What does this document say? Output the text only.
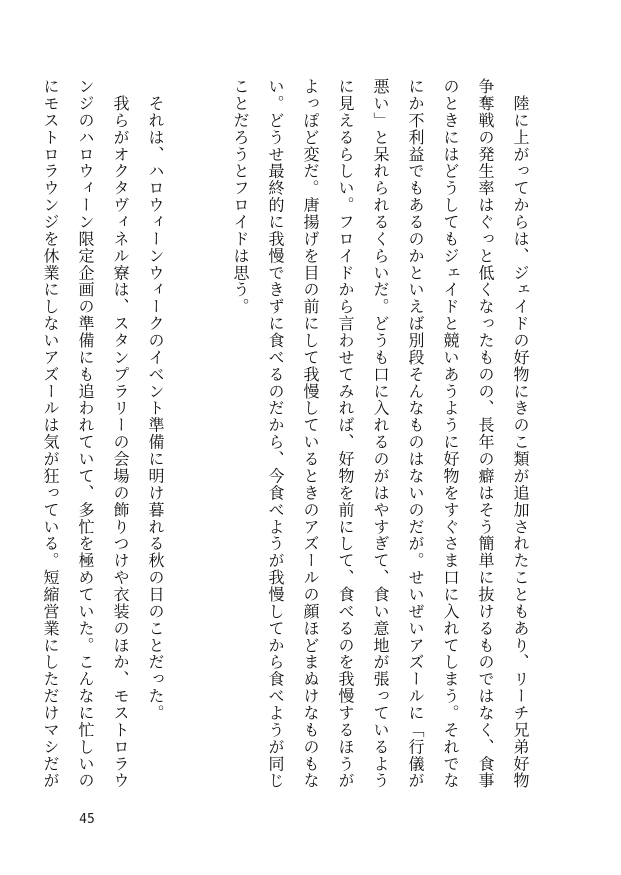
　陸に上がってからは、ジェイドの好物にきのこ類が追加されたこともあり、リーチ兄弟好物
争奪戦の発生率はぐっと低くなったものの、長年の癖はそう簡単に抜けるものではなく、食事
のときにはどうしてもジェイドと競いあうように好物をすぐさま口に入れてしまう。それでな
にか不利益でもあるのかといえば別段そんなものはないのだが。せいぜいアズールに「行儀が
悪い」と呆れられるくらいだ。どうも口に入れるのがはやすぎて、食い意地が張っているよう
に見えるらしい。フロイドから言わせてみれば、好物を前にして、食べるのを我慢するほうが
よっぽど変だ。唐揚げを目の前にして我慢しているときのアズールの顔ほどまぬけなものもな
い。どうせ最終的に我慢できずに食べるのだから、今食べようが我慢してから食べようが同じ
ことだろうとフロイドは思う。
　それは、ハロウィーンウィークのイベント準備に明け暮れる秋の日のことだった。
　我らがオクタヴィネル寮は、スタンプラリーの会場の飾りつけや衣装のほか、モストロラウ
ンジのハロウィーン限定企画の準備にも追われていて、多忙を極めていた。こんなに忙しいの
にモストロラウンジを休業にしないアズールは気が狂っている。短縮営業にしただけマシだが
45
